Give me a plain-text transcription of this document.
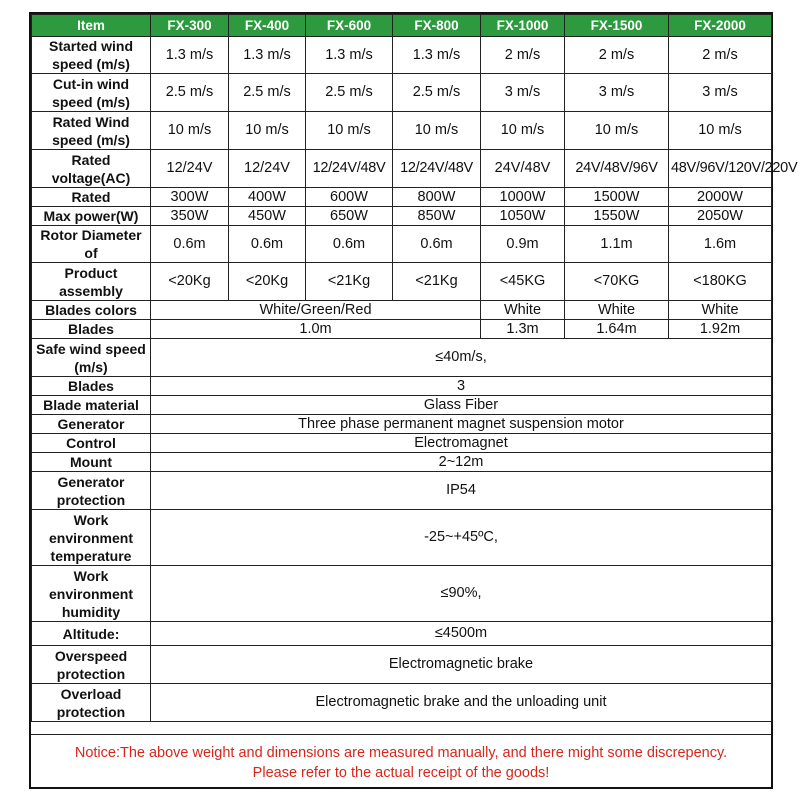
Item	FX-300	FX-400	FX-600	FX-800	FX-1000	FX-1500	FX-2000

Started wind speed (m/s)	1.3 m/s	1.3 m/s	1.3 m/s	1.3 m/s	2 m/s	2 m/s	2 m/s

Cut-in wind speed (m/s)	2.5 m/s	2.5 m/s	2.5 m/s	2.5 m/s	3 m/s	3 m/s	3 m/s

Rated Wind speed (m/s)	10 m/s	10 m/s	10 m/s	10 m/s	10 m/s	10 m/s	10 m/s

Rated voltage(AC)	12/24V	12/24V	12/24V/48V	12/24V/48V	24V/48V	24V/48V/96V	48V/96V/120V/220V

Rated	300W	400W	600W	800W	1000W	1500W	2000W
Max power(W)	350W	450W	650W	850W	1050W	1550W	2050W

Rotor Diameter of	0.6m	0.6m	0.6m	0.6m	0.9m	1.1m	1.6m

Product assembly	<20Kg	<20Kg	<21Kg	<21Kg	<45KG	<70KG	<180KG
Blades colors	White/Green/Red				White	White	White
Blades	1.0m				1.3m	1.64m	1.92m

Safe wind speed (m/s)	≤40m/s,						
Blades	3						
Blade material	Glass Fiber						
Generator	Three phase permanent magnet suspension motor						
Control	Electromagnet						
Mount	2~12m						

Generator protection	IP54						

Work environment temperature	-25~+45ºC,						

Work environment humidity	≤90%,						
Altitude:	≤4500m						

Overspeed protection	Electromagnetic brake						

Overload protection	Electromagnetic brake and the unloading unit						

Notice:The above weight and dimensions are measured manually, and there might some discrepency. Please refer to the actual receipt of the goods!
